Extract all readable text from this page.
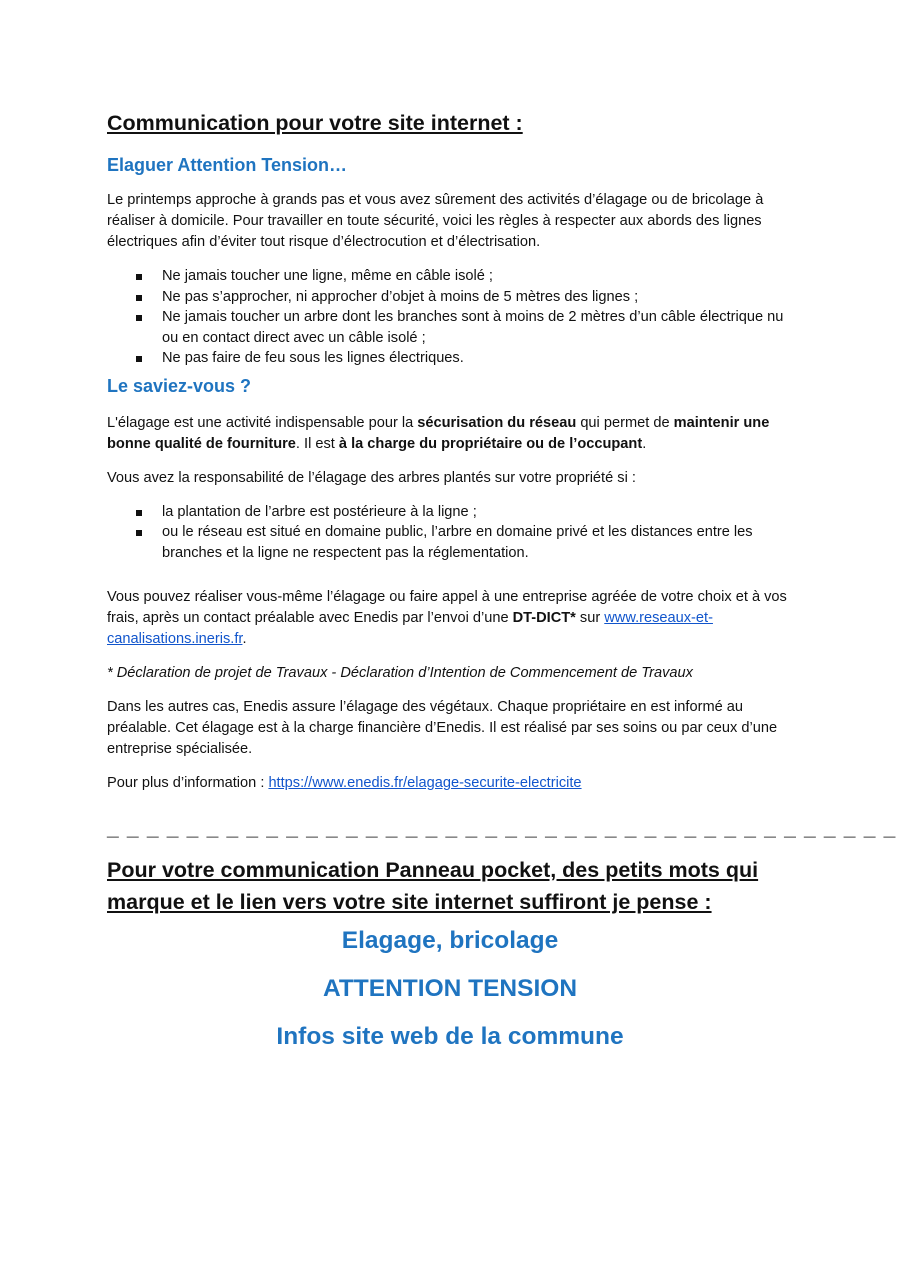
Communication pour votre site internet :
Elaguer Attention Tension…

Le printemps approche à grands pas et vous avez sûrement des activités d’élagage ou de bricolage à réaliser à domicile. Pour travailler en toute sécurité, voici les règles à respecter aux abords des lignes électriques afin d’éviter tout risque d’électrocution et d’électrisation.

Ne jamais toucher une ligne, même en câble isolé ;
Ne pas s’approcher, ni approcher d’objet à moins de 5 mètres des lignes ;
Ne jamais toucher un arbre dont les branches sont à moins de 2 mètres d’un câble électrique nu ou en contact direct avec un câble isolé ;
Ne pas faire de feu sous les lignes électriques.
Le saviez-vous ?

L'élagage est une activité indispensable pour la sécurisation du réseau qui permet de maintenir une bonne qualité de fourniture. Il est à la charge du propriétaire ou de l’occupant.

Vous avez la responsabilité de l’élagage des arbres plantés sur votre propriété si :

la plantation de l’arbre est postérieure à la ligne ;
ou le réseau est situé en domaine public, l’arbre en domaine privé et les distances entre les branches et la ligne ne respectent pas la réglementation.

Vous pouvez réaliser vous-même l’élagage ou faire appel à une entreprise agréée de votre choix et à vos frais, après un contact préalable avec Enedis par l’envoi d’une DT-DICT* sur www.reseaux-et-canalisations.ineris.fr.

* Déclaration de projet de Travaux - Déclaration d’Intention de Commencement de Travaux

Dans les autres cas, Enedis assure l’élagage des végétaux. Chaque propriétaire en est informé au préalable. Cet élagage est à la charge financière d’Enedis. Il est réalisé par ses soins ou par ceux d’une entreprise spécialisée.

Pour plus d’information : https://www.enedis.fr/elagage-securite-electricite

_ _ _ _ _ _ _ _ _ _ _ _ _ _ _ _ _ _ _ _ _ _ _ _ _ _ _ _ _ _ _ _ _ _ _ _ _ _ _ _
Pour votre communication Panneau pocket, des petits mots qui marque et le lien vers votre site internet suffiront je pense :
Elagage, bricolage
ATTENTION TENSION
Infos site web de la commune
